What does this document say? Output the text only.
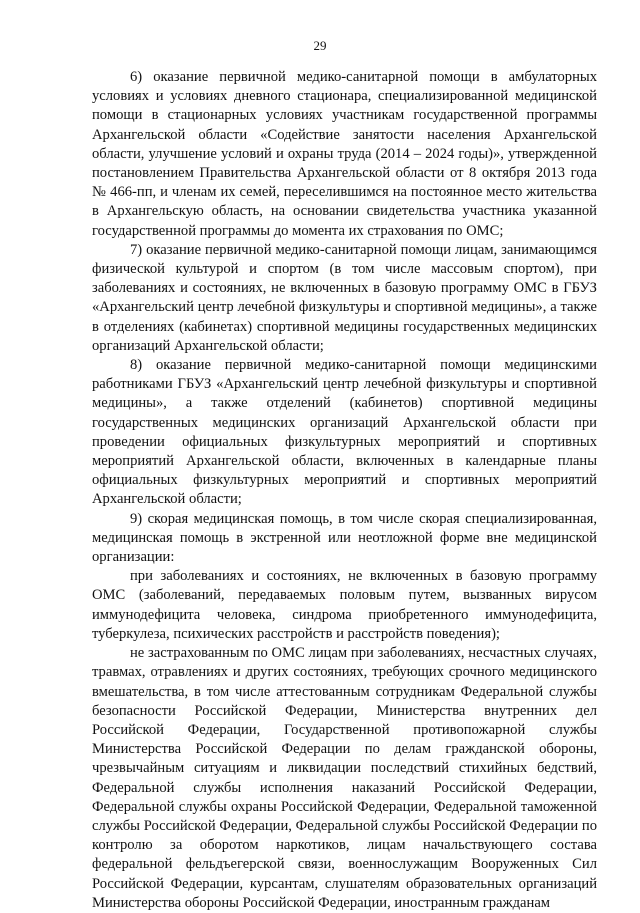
29

6) оказание первичной медико-санитарной помощи в амбулаторных условиях и условиях дневного стационара, специализированной медицинской помощи в стационарных условиях участникам государственной программы Архангельской области «Содействие занятости населения Архангельской области, улучшение условий и охраны труда (2014 – 2024 годы)», утвержденной постановлением Правительства Архангельской области от 8 октября 2013 года № 466-пп, и членам их семей, переселившимся на постоянное место жительства в Архангельскую область, на основании свидетельства участника указанной государственной программы до момента их страхования по ОМС;

7) оказание первичной медико-санитарной помощи лицам, занимающимся физической культурой и спортом (в том числе массовым спортом), при заболеваниях и состояниях, не включенных в базовую программу ОМС в ГБУЗ «Архангельский центр лечебной физкультуры и спортивной медицины», а также в отделениях (кабинетах) спортивной медицины государственных медицинских организаций Архангельской области;

8) оказание первичной медико-санитарной помощи медицинскими работниками ГБУЗ «Архангельский центр лечебной физкультуры и спортивной медицины», а также отделений (кабинетов) спортивной медицины государственных медицинских организаций Архангельской области при проведении официальных физкультурных мероприятий и спортивных мероприятий Архангельской области, включенных в календарные планы официальных физкультурных мероприятий и спортивных мероприятий Архангельской области;

9) скорая медицинская помощь, в том числе скорая специализированная, медицинская помощь в экстренной или неотложной форме вне медицинской организации:

при заболеваниях и состояниях, не включенных в базовую программу ОМС (заболеваний, передаваемых половым путем, вызванных вирусом иммунодефицита человека, синдрома приобретенного иммунодефицита, туберкулеза, психических расстройств и расстройств поведения);

не застрахованным по ОМС лицам при заболеваниях, несчастных случаях, травмах, отравлениях и других состояниях, требующих срочного медицинского вмешательства, в том числе аттестованным сотрудникам Федеральной службы безопасности Российской Федерации, Министерства внутренних дел Российской Федерации, Государственной противопожарной службы Министерства Российской Федерации по делам гражданской обороны, чрезвычайным ситуациям и ликвидации последствий стихийных бедствий, Федеральной службы исполнения наказаний Российской Федерации, Федеральной службы охраны Российской Федерации, Федеральной таможенной службы Российской Федерации, Федеральной службы Российской Федерации по контролю за оборотом наркотиков, лицам начальствующего состава федеральной фельдъегерской связи, военнослужащим Вооруженных Сил Российской Федерации, курсантам, слушателям образовательных организаций Министерства обороны Российской Федерации, иностранным гражданам
